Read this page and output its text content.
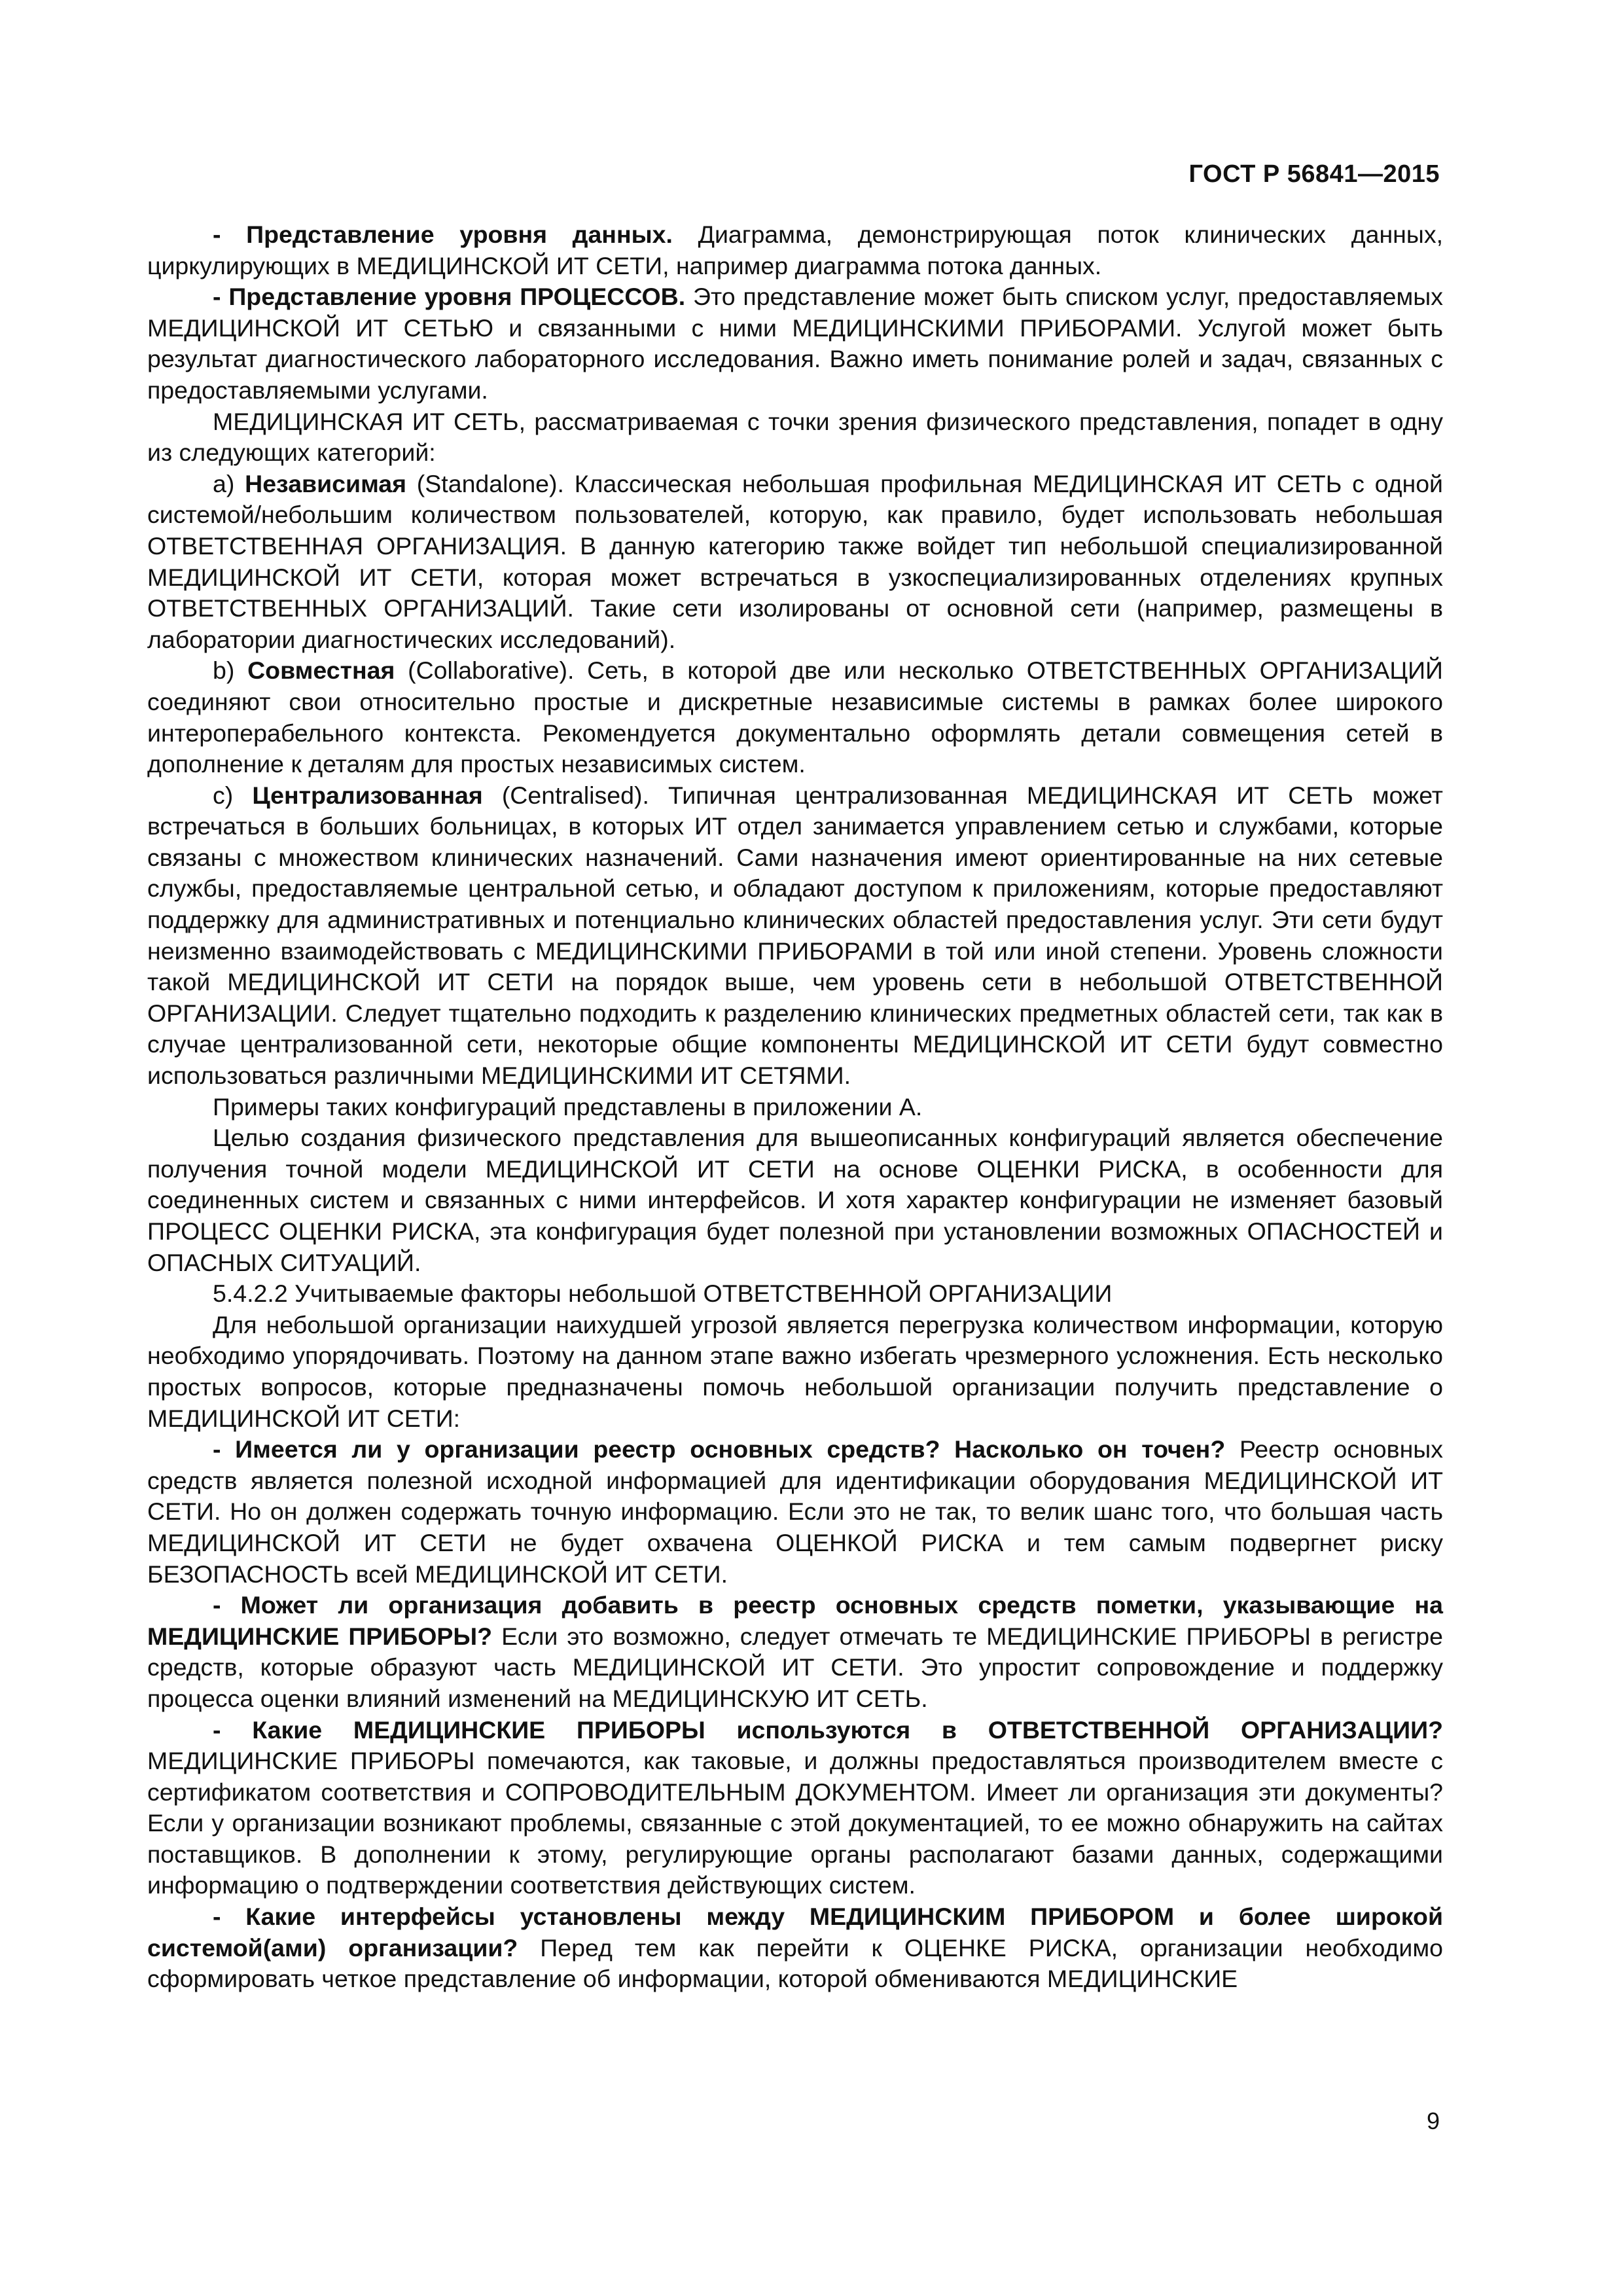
ГОСТ Р 56841—2015

- Представление уровня данных. Диаграмма, демонстрирующая поток клинических данных, циркулирующих в МЕДИЦИНСКОЙ ИТ СЕТИ, например диаграмма потока данных.

- Представление уровня ПРОЦЕССОВ. Это представление может быть списком услуг, предоставляемых МЕДИЦИНСКОЙ ИТ СЕТЬЮ и связанными с ними МЕДИЦИНСКИМИ ПРИБОРАМИ. Услугой может быть результат диагностического лабораторного исследования. Важно иметь понимание ролей и задач, связанных с предоставляемыми услугами.

МЕДИЦИНСКАЯ ИТ СЕТЬ, рассматриваемая с точки зрения физического представления, попадет в одну из следующих категорий:

a) Независимая (Standalone). Классическая небольшая профильная МЕДИЦИНСКАЯ ИТ СЕТЬ с одной системой/небольшим количеством пользователей, которую, как правило, будет использовать небольшая ОТВЕТСТВЕННАЯ ОРГАНИЗАЦИЯ. В данную категорию также войдет тип небольшой специализированной МЕДИЦИНСКОЙ ИТ СЕТИ, которая может встречаться в узкоспециализированных отделениях крупных ОТВЕТСТВЕННЫХ ОРГАНИЗАЦИЙ. Такие сети изолированы от основной сети (например, размещены в лаборатории диагностических исследований).

b) Совместная (Collaborative). Сеть, в которой две или несколько ОТВЕТСТВЕННЫХ ОРГАНИЗАЦИЙ соединяют свои относительно простые и дискретные независимые системы в рамках более широкого интероперабельного контекста. Рекомендуется документально оформлять детали совмещения сетей в дополнение к деталям для простых независимых систем.

c) Централизованная (Centralised). Типичная централизованная МЕДИЦИНСКАЯ ИТ СЕТЬ может встречаться в больших больницах, в которых ИТ отдел занимается управлением сетью и службами, которые связаны с множеством клинических назначений. Сами назначения имеют ориентированные на них сетевые службы, предоставляемые центральной сетью, и обладают доступом к приложениям, которые предоставляют поддержку для административных и потенциально клинических областей предоставления услуг. Эти сети будут неизменно взаимодействовать с МЕДИЦИНСКИМИ ПРИБОРАМИ в той или иной степени. Уровень сложности такой МЕДИЦИНСКОЙ ИТ СЕТИ на порядок выше, чем уровень сети в небольшой ОТВЕТСТВЕННОЙ ОРГАНИЗАЦИИ. Следует тщательно подходить к разделению клинических предметных областей сети, так как в случае централизованной сети, некоторые общие компоненты МЕДИЦИНСКОЙ ИТ СЕТИ будут совместно использоваться различными МЕДИЦИНСКИМИ ИТ СЕТЯМИ.

Примеры таких конфигураций представлены в приложении А.

Целью создания физического представления для вышеописанных конфигураций является обеспечение получения точной модели МЕДИЦИНСКОЙ ИТ СЕТИ на основе ОЦЕНКИ РИСКА, в особенности для соединенных систем и связанных с ними интерфейсов. И хотя характер конфигурации не изменяет базовый ПРОЦЕСС ОЦЕНКИ РИСКА, эта конфигурация будет полезной при установлении возможных ОПАСНОСТЕЙ и ОПАСНЫХ СИТУАЦИЙ.

5.4.2.2 Учитываемые факторы небольшой ОТВЕТСТВЕННОЙ ОРГАНИЗАЦИИ

Для небольшой организации наихудшей угрозой является перегрузка количеством информации, которую необходимо упорядочивать. Поэтому на данном этапе важно избегать чрезмерного усложнения. Есть несколько простых вопросов, которые предназначены помочь небольшой организации получить представление о МЕДИЦИНСКОЙ ИТ СЕТИ:

- Имеется ли у организации реестр основных средств? Насколько он точен? Реестр основных средств является полезной исходной информацией для идентификации оборудования МЕДИЦИНСКОЙ ИТ СЕТИ. Но он должен содержать точную информацию. Если это не так, то велик шанс того, что большая часть МЕДИЦИНСКОЙ ИТ СЕТИ не будет охвачена ОЦЕНКОЙ РИСКА и тем самым подвергнет риску БЕЗОПАСНОСТЬ всей МЕДИЦИНСКОЙ ИТ СЕТИ.

- Может ли организация добавить в реестр основных средств пометки, указывающие на МЕДИЦИНСКИЕ ПРИБОРЫ? Если это возможно, следует отмечать те МЕДИЦИНСКИЕ ПРИБОРЫ в регистре средств, которые образуют часть МЕДИЦИНСКОЙ ИТ СЕТИ. Это упростит сопровождение и поддержку процесса оценки влияний изменений на МЕДИЦИНСКУЮ ИТ СЕТЬ.

- Какие МЕДИЦИНСКИЕ ПРИБОРЫ используются в ОТВЕТСТВЕННОЙ ОРГАНИЗАЦИИ? МЕДИЦИНСКИЕ ПРИБОРЫ помечаются, как таковые, и должны предоставляться производителем вместе с сертификатом соответствия и СОПРОВОДИТЕЛЬНЫМ ДОКУМЕНТОМ. Имеет ли организация эти документы? Если у организации возникают проблемы, связанные с этой документацией, то ее можно обнаружить на сайтах поставщиков. В дополнении к этому, регулирующие органы располагают базами данных, содержащими информацию о подтверждении соответствия действующих систем.

- Какие интерфейсы установлены между МЕДИЦИНСКИМ ПРИБОРОМ и более широкой системой(ами) организации? Перед тем как перейти к ОЦЕНКЕ РИСКА, организации необходимо сформировать четкое представление об информации, которой обмениваются МЕДИЦИНСКИЕ

9
